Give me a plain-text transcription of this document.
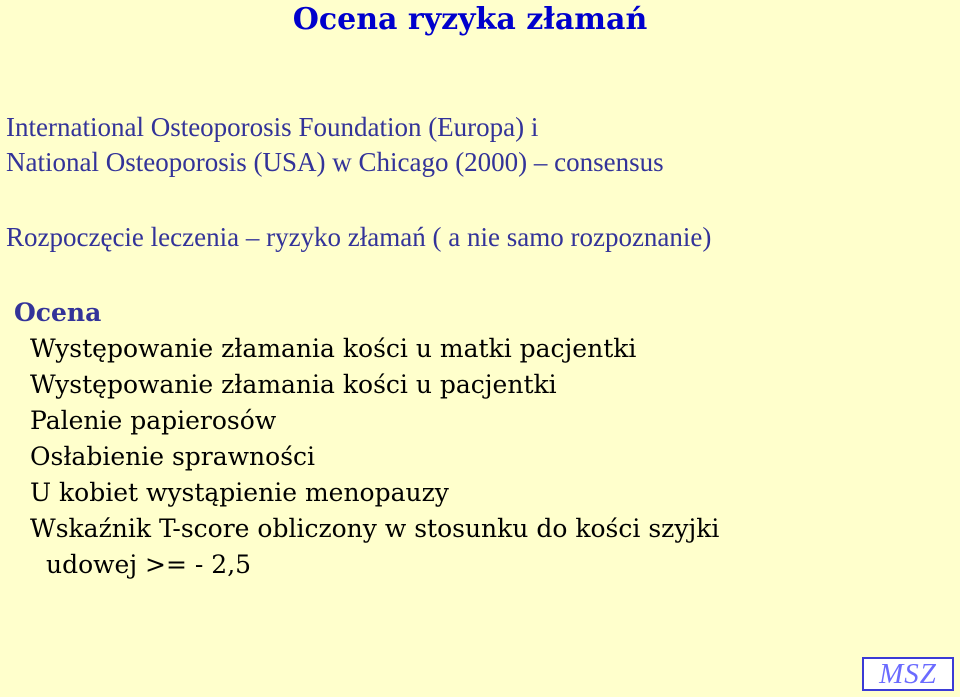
Ocena ryzyka złamań
International Osteoporosis Foundation (Europa) i
National Osteoporosis (USA) w Chicago (2000) – consensus
Rozpoczęcie leczenia – ryzyko złamań ( a nie samo rozpoznanie)
Ocena
Występowanie złamania kości u matki pacjentki
Występowanie złamania kości u pacjentki
Palenie papierosów
Osłabienie sprawności
U kobiet wystąpienie menopauzy
Wskaźnik T-score obliczony w stosunku do kości szyjki
udowej >= - 2,5
MSZ
